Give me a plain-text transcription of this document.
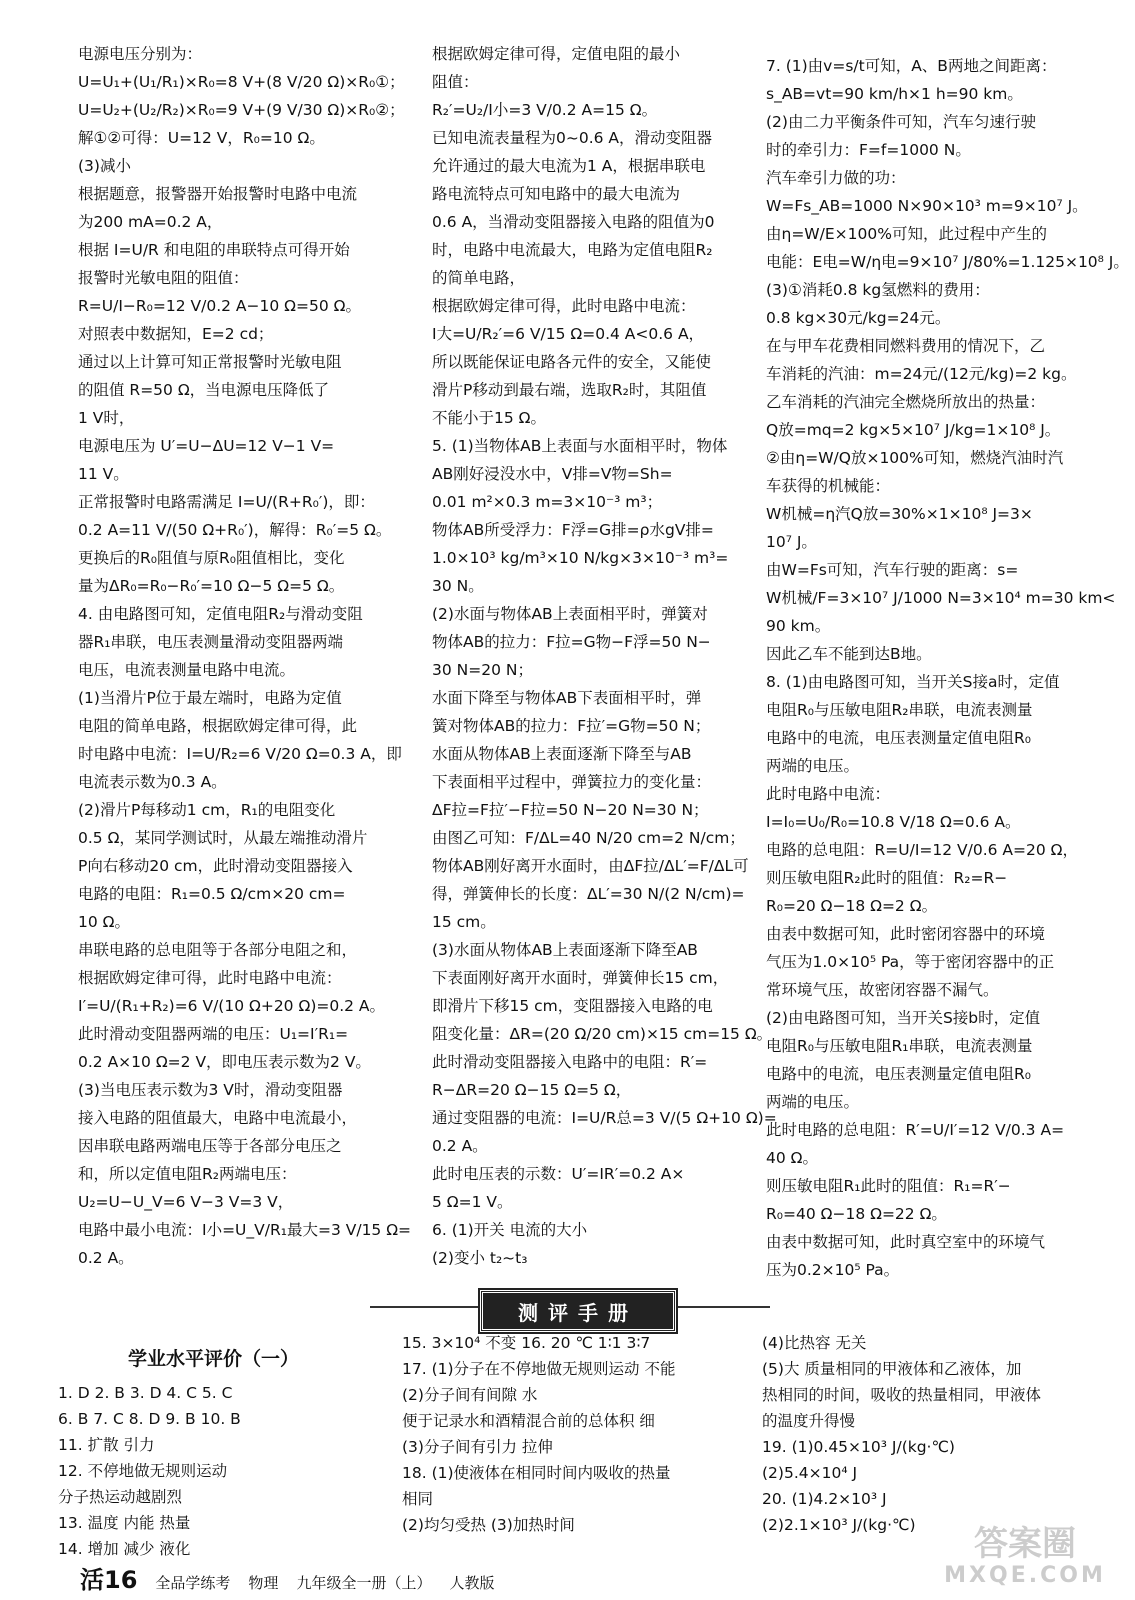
电源电压分别为：

U=U₁+(U₁/R₁)×R₀=8 V+(8 V/20 Ω)×R₀①；

U=U₂+(U₂/R₂)×R₀=9 V+(9 V/30 Ω)×R₀②；

解①②可得：U=12 V，R₀=10 Ω。

(3)减小

根据题意，报警器开始报警时电路中电流

为200 mA=0.2 A，

根据 I=U/R 和电阻的串联特点可得开始

报警时光敏电阻的阻值：

R=U/I−R₀=12 V/0.2 A−10 Ω=50 Ω。

对照表中数据知，E=2 cd；

通过以上计算可知正常报警时光敏电阻

的阻值 R=50 Ω，当电源电压降低了

1 V时，

电源电压为 U′=U−ΔU=12 V−1 V=

11 V。

正常报警时电路需满足 I=U/(R+R₀′)，即：

0.2 A=11 V/(50 Ω+R₀′)，解得：R₀′=5 Ω。

更换后的R₀阻值与原R₀阻值相比，变化

量为ΔR₀=R₀−R₀′=10 Ω−5 Ω=5 Ω。

4. 由电路图可知，定值电阻R₂与滑动变阻

器R₁串联，电压表测量滑动变阻器两端

电压，电流表测量电路中电流。

(1)当滑片P位于最左端时，电路为定值

电阻的简单电路，根据欧姆定律可得，此

时电路中电流：I=U/R₂=6 V/20 Ω=0.3 A，即

电流表示数为0.3 A。

(2)滑片P每移动1 cm，R₁的电阻变化

0.5 Ω，某同学测试时，从最左端推动滑片

P向右移动20 cm，此时滑动变阻器接入

电路的电阻：R₁=0.5 Ω/cm×20 cm=

10 Ω。

串联电路的总电阻等于各部分电阻之和，

根据欧姆定律可得，此时电路中电流：

I′=U/(R₁+R₂)=6 V/(10 Ω+20 Ω)=0.2 A。

此时滑动变阻器两端的电压：U₁=I′R₁=

0.2 A×10 Ω=2 V，即电压表示数为2 V。

(3)当电压表示数为3 V时，滑动变阻器

接入电路的阻值最大，电路中电流最小，

因串联电路两端电压等于各部分电压之

和，所以定值电阻R₂两端电压：

U₂=U−U_V=6 V−3 V=3 V，

电路中最小电流：I小=U_V/R₁最大=3 V/15 Ω=

0.2 A。

根据欧姆定律可得，定值电阻的最小

阻值：

R₂′=U₂/I小=3 V/0.2 A=15 Ω。

已知电流表量程为0~0.6 A，滑动变阻器

允许通过的最大电流为1 A，根据串联电

路电流特点可知电路中的最大电流为

0.6 A，当滑动变阻器接入电路的阻值为0

时，电路中电流最大，电路为定值电阻R₂

的简单电路，

根据欧姆定律可得，此时电路中电流：

I大=U/R₂′=6 V/15 Ω=0.4 A<0.6 A，

所以既能保证电路各元件的安全，又能使

滑片P移动到最右端，选取R₂时，其阻值

不能小于15 Ω。

5. (1)当物体AB上表面与水面相平时，物体

AB刚好浸没水中，V排=V物=Sh=

0.01 m²×0.3 m=3×10⁻³ m³；

物体AB所受浮力：F浮=G排=ρ水gV排=

1.0×10³ kg/m³×10 N/kg×3×10⁻³ m³=

30 N。

(2)水面与物体AB上表面相平时，弹簧对

物体AB的拉力：F拉=G物−F浮=50 N−

30 N=20 N；

水面下降至与物体AB下表面相平时，弹

簧对物体AB的拉力：F拉′=G物=50 N；

水面从物体AB上表面逐渐下降至与AB

下表面相平过程中，弹簧拉力的变化量：

ΔF拉=F拉′−F拉=50 N−20 N=30 N；

由图乙可知：F/ΔL=40 N/20 cm=2 N/cm；

物体AB刚好离开水面时，由ΔF拉/ΔL′=F/ΔL可

得，弹簧伸长的长度：ΔL′=30 N/(2 N/cm)=

15 cm。

(3)水面从物体AB上表面逐渐下降至AB

下表面刚好离开水面时，弹簧伸长15 cm，

即滑片下移15 cm，变阻器接入电路的电

阻变化量：ΔR=(20 Ω/20 cm)×15 cm=15 Ω。

此时滑动变阻器接入电路中的电阻：R′=

R−ΔR=20 Ω−15 Ω=5 Ω，

通过变阻器的电流：I=U/R总=3 V/(5 Ω+10 Ω)=

0.2 A。

此时电压表的示数：U′=IR′=0.2 A×

5 Ω=1 V。

6. (1)开关 电流的大小

(2)变小 t₂~t₃

7. (1)由v=s/t可知，A、B两地之间距离：

s_AB=vt=90 km/h×1 h=90 km。

(2)由二力平衡条件可知，汽车匀速行驶

时的牵引力：F=f=1000 N。

汽车牵引力做的功：

W=Fs_AB=1000 N×90×10³ m=9×10⁷ J。

由η=W/E×100%可知，此过程中产生的

电能：E电=W/η电=9×10⁷ J/80%=1.125×10⁸ J。

(3)①消耗0.8 kg氢燃料的费用：

0.8 kg×30元/kg=24元。

在与甲车花费相同燃料费用的情况下，乙

车消耗的汽油：m=24元/(12元/kg)=2 kg。

乙车消耗的汽油完全燃烧所放出的热量：

Q放=mq=2 kg×5×10⁷ J/kg=1×10⁸ J。

②由η=W/Q放×100%可知，燃烧汽油时汽

车获得的机械能：

W机械=η汽Q放=30%×1×10⁸ J=3×

10⁷ J。

由W=Fs可知，汽车行驶的距离：s=

W机械/F=3×10⁷ J/1000 N=3×10⁴ m=30 km<

90 km。

因此乙车不能到达B地。

8. (1)由电路图可知，当开关S接a时，定值

电阻R₀与压敏电阻R₂串联，电流表测量

电路中的电流，电压表测量定值电阻R₀

两端的电压。

此时电路中电流：

I=I₀=U₀/R₀=10.8 V/18 Ω=0.6 A。

电路的总电阻：R=U/I=12 V/0.6 A=20 Ω，

则压敏电阻R₂此时的阻值：R₂=R−

R₀=20 Ω−18 Ω=2 Ω。

由表中数据可知，此时密闭容器中的环境

气压为1.0×10⁵ Pa，等于密闭容器中的正

常环境气压，故密闭容器不漏气。

(2)由电路图可知，当开关S接b时，定值

电阻R₀与压敏电阻R₁串联，电流表测量

电路中的电流，电压表测量定值电阻R₀

两端的电压。

此时电路的总电阻：R′=U/I′=12 V/0.3 A=

40 Ω。

则压敏电阻R₁此时的阻值：R₁=R′−

R₀=40 Ω−18 Ω=22 Ω。

由表中数据可知，此时真空室中的环境气

压为0.2×10⁵ Pa。

测评手册
学业水平评价（一）

1. D 2. B 3. D 4. C 5. C

6. B 7. C 8. D 9. B 10. B

11. 扩散 引力

12. 不停地做无规则运动

分子热运动越剧烈

13. 温度 内能 热量

14. 增加 减少 液化

15. 3×10⁴ 不变 16. 20 ℃ 1∶1 3∶7

17. (1)分子在不停地做无规则运动 不能

(2)分子间有间隙 水

便于记录水和酒精混合前的总体积 细

(3)分子间有引力 拉伸

18. (1)使液体在相同时间内吸收的热量

相同

(2)均匀受热 (3)加热时间

(4)比热容 无关

(5)大 质量相同的甲液体和乙液体，加

热相同的时间，吸收的热量相同，甲液体

的温度升得慢

19. (1)0.45×10³ J/(kg·℃)

(2)5.4×10⁴ J

20. (1)4.2×10³ J

(2)2.1×10³ J/(kg·℃)

活16 全品学练考 物理 九年级全一册（上） 人教版
答案圈
MXQE.COM
